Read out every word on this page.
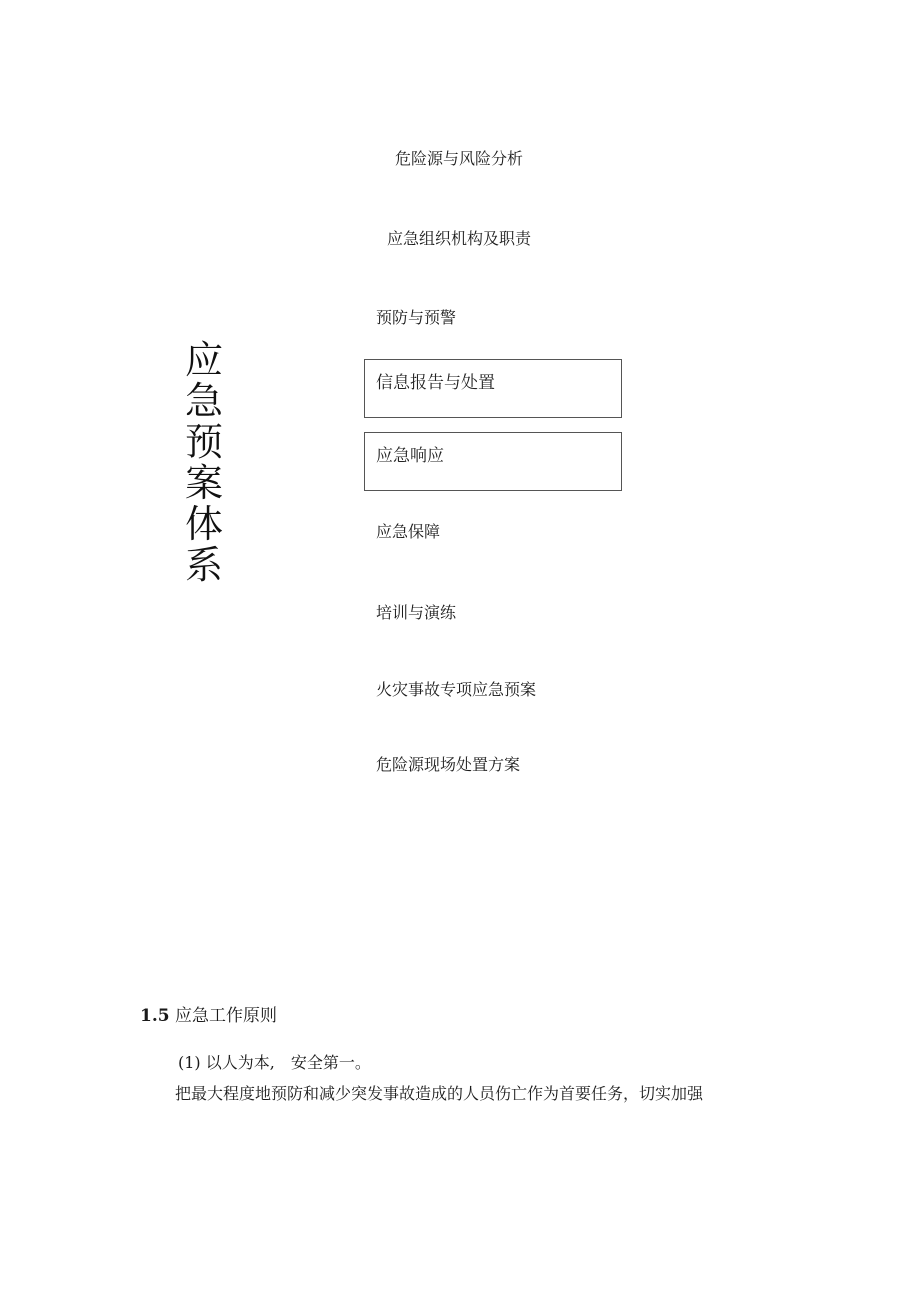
应
急
预
案
体
系
危险源与风险分析
应急组织机构及职责
预防与预警
信息报告与处置
应急响应
应急保障
培训与演练
火灾事故专项应急预案
危险源现场处置方案
1.5 应急工作原则
(1) 以人为本,　安全第一。
把最大程度地预防和减少突发事故造成的人员伤亡作为首要任务，切实加强
